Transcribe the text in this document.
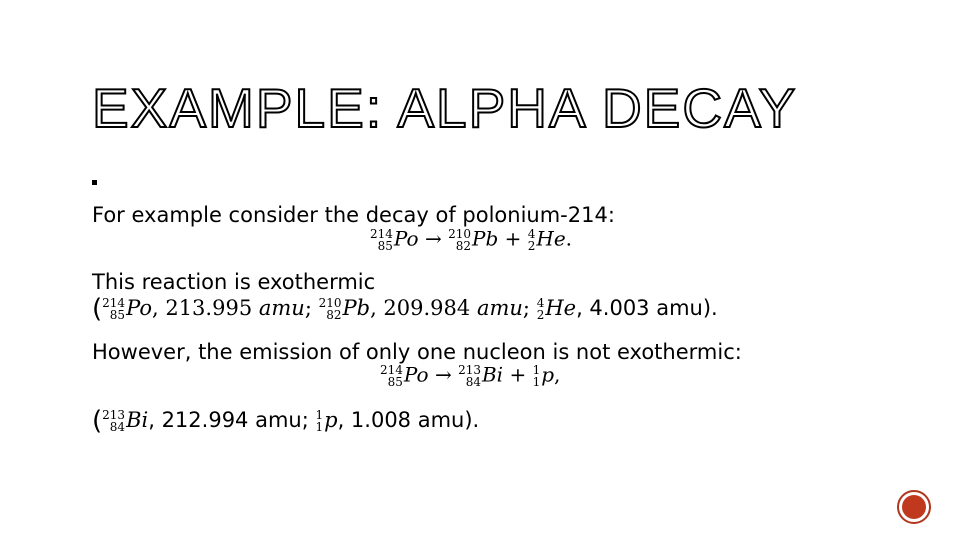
EXAMPLE: ALPHA DECAY
For example consider the decay of polonium-214:
214
85 Po → 210
82 Pb + 4
2 He.
This reaction is exothermic
( 214
85 Po, 213.995 amu; 210
82 Pb, 209.984 amu; 4
2 He, 4.003 amu).
However, the emission of only one nucleon is not exothermic:
214
85 Po → 213
84 Bi + 1
1 p,
( 213
84 Bi, 212.994 amu; 1
1 p, 1.008 amu).
